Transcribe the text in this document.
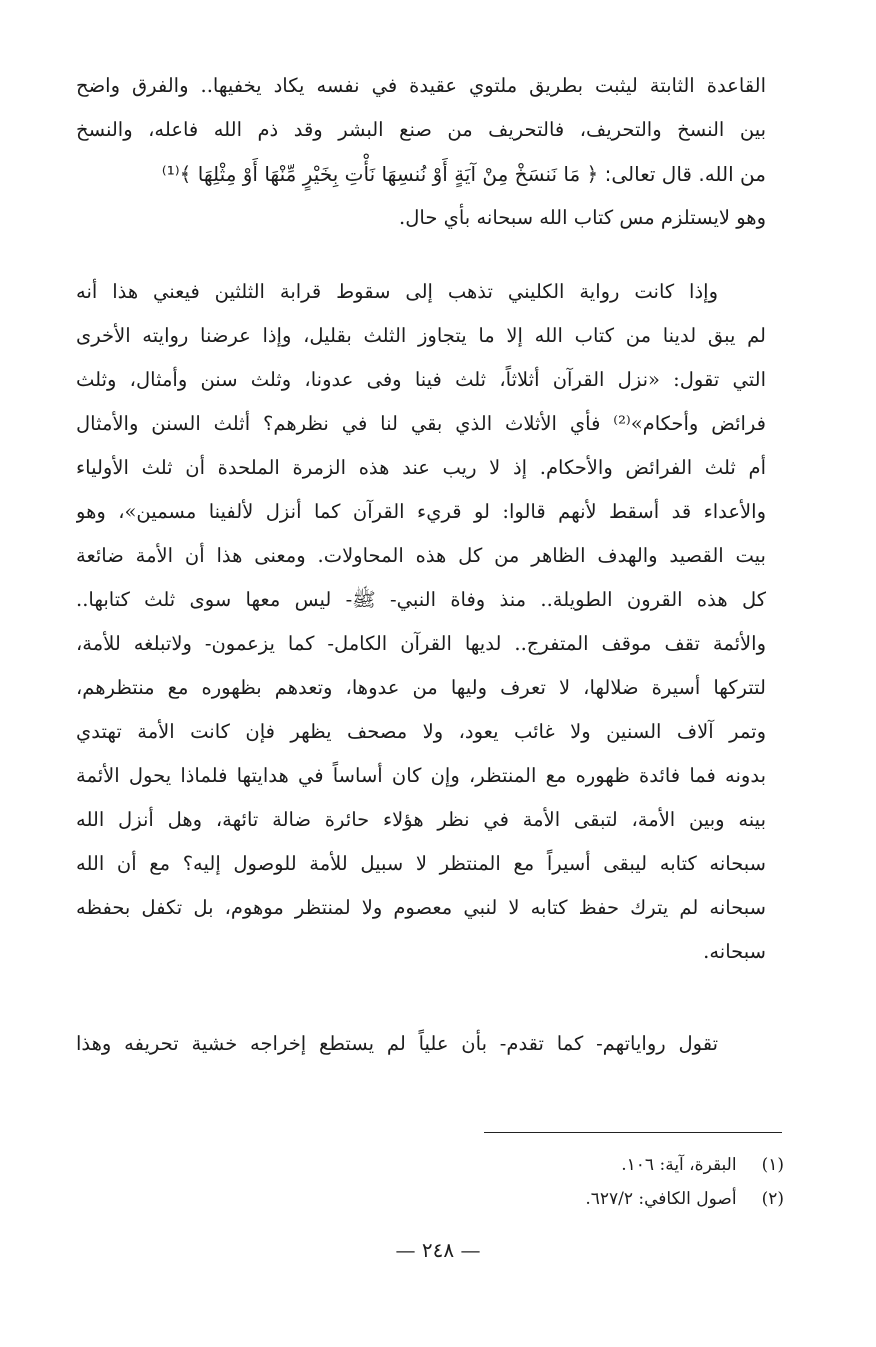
القاعدة الثابتة ليثبت بطريق ملتوي عقيدة في نفسه يكاد يخفيها.. والفرق واضح
بين النسخ والتحريف، فالتحريف من صنع البشر وقد ذم الله فاعله، والنسخ
من الله. قال تعالى: ﴿ مَا نَنسَخْ مِنْ آيَةٍ أَوْ نُنسِهَا نَأْتِ بِخَيْرٍ مِّنْهَا أَوْ مِثْلِهَا ﴾⁽¹⁾
وهو لايستلزم مس كتاب الله سبحانه بأي حال.
وإذا كانت رواية الكليني تذهب إلى سقوط قرابة الثلثين فيعني هذا أنه
لم يبق لدينا من كتاب الله إلا ما يتجاوز الثلث بقليل، وإذا عرضنا روايته الأخرى
التي تقول: «نزل القرآن أثلاثاً، ثلث فينا وفى عدونا، وثلث سنن وأمثال، وثلث
فرائض وأحكام»⁽²⁾ فأي الأثلاث الذي بقي لنا في نظرهم؟ أثلث السنن والأمثال
أم ثلث الفرائض والأحكام. إذ لا ريب عند هذه الزمرة الملحدة أن ثلث الأولياء
والأعداء قد أسقط لأنهم قالوا: لو قريء القرآن كما أنزل لألفينا مسمين»، وهو
بيت القصيد والهدف الظاهر من كل هذه المحاولات. ومعنى هذا أن الأمة ضائعة
كل هذه القرون الطويلة.. منذ وفاة النبي- ﷺ- ليس معها سوى ثلث كتابها..
والأئمة تقف موقف المتفرج.. لديها القرآن الكامل- كما يزعمون- ولاتبلغه للأمة،
لتتركها أسيرة ضلالها، لا تعرف وليها من عدوها، وتعدهم بظهوره مع منتظرهم،
وتمر آلاف السنين ولا غائب يعود، ولا مصحف يظهر فإن كانت الأمة تهتدي
بدونه فما فائدة ظهوره مع المنتظر، وإن كان أساساً في هدايتها فلماذا يحول الأئمة
بينه وبين الأمة، لتبقى الأمة في نظر هؤلاء حائرة ضالة تائهة، وهل أنزل الله
سبحانه كتابه ليبقى أسيراً مع المنتظر لا سبيل للأمة للوصول إليه؟ مع أن الله
سبحانه لم يترك حفظ كتابه لا لنبي معصوم ولا لمنتظر موهوم، بل تكفل بحفظه
سبحانه.
تقول رواياتهم- كما تقدم- بأن علياً لم يستطع إخراجه خشية تحريفه وهذا
(١) البقرة، آية: ١٠٦.
(٢) أصول الكافي: ٦٢٧/٢.
— ٢٤٨ —
